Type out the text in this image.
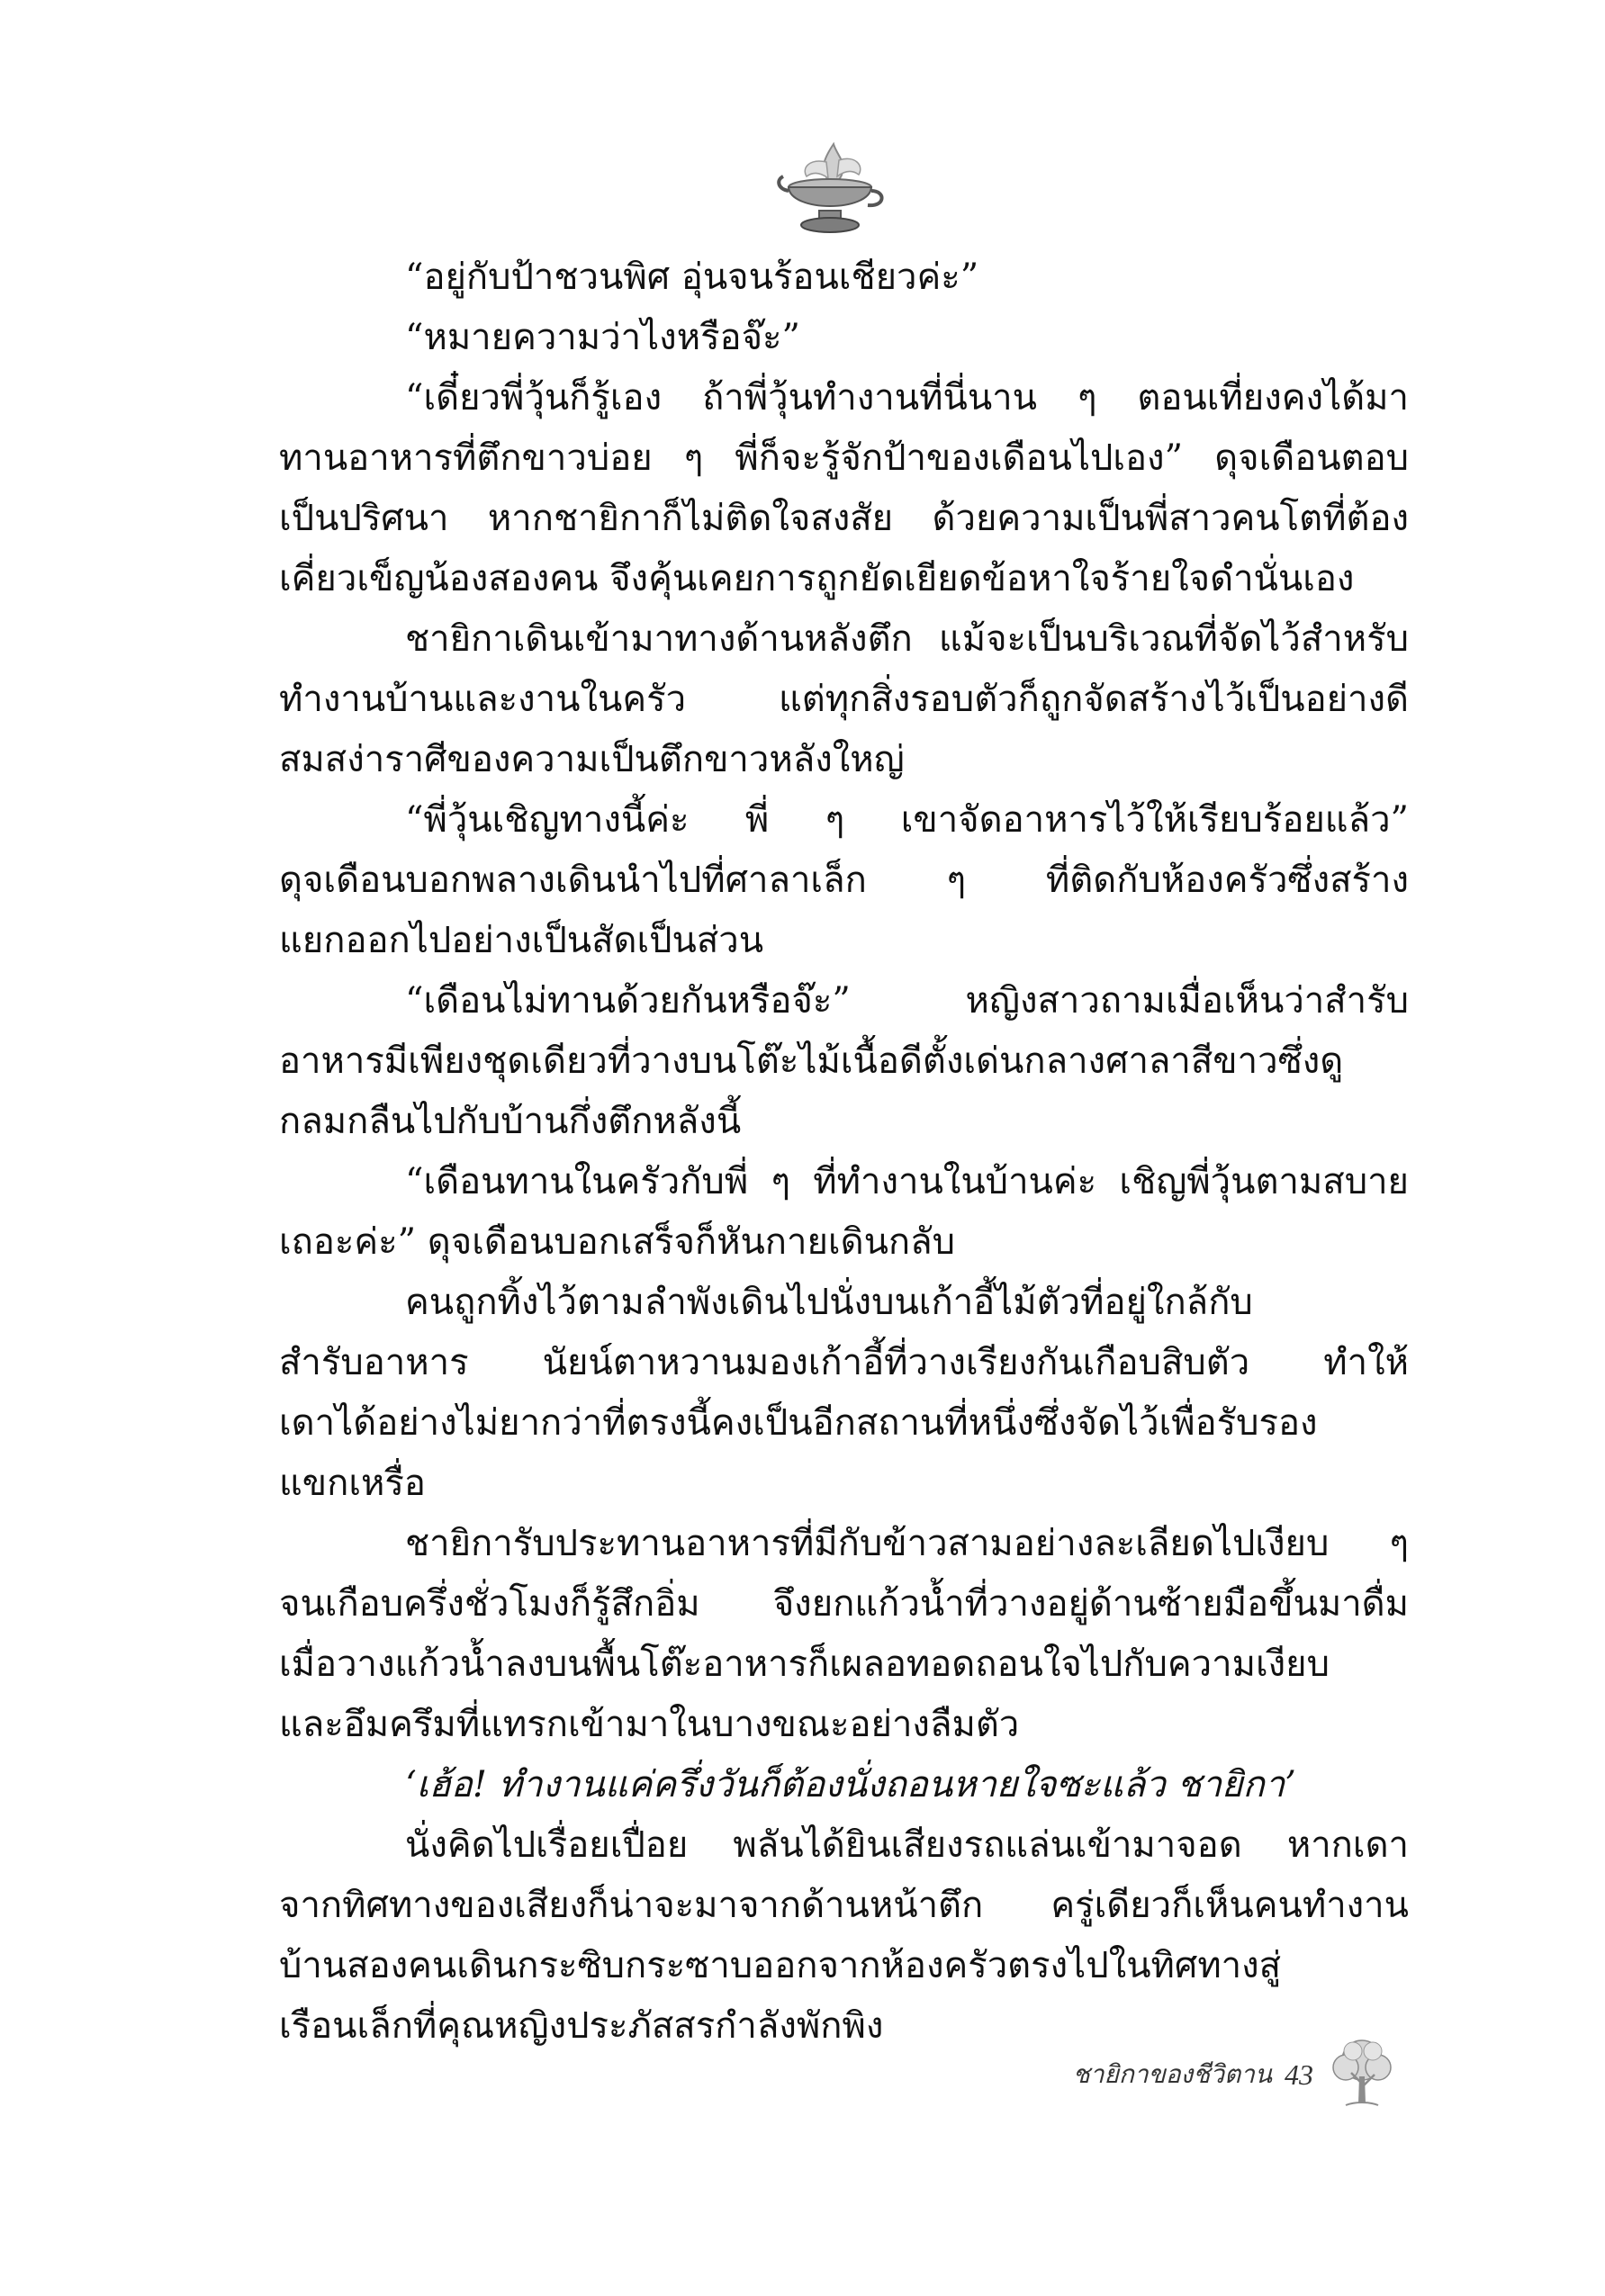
“อยู่กับป้าชวนพิศ อุ่นจนร้อนเชียวค่ะ”
“หมายความว่าไงหรือจ๊ะ”
“เดี๋ยวพี่วุ้นก็รู้เอง ถ้าพี่วุ้นทำงานที่นี่นาน ๆ ตอนเที่ยงคงได้มา
ทานอาหารที่ตึกขาวบ่อย ๆ พี่ก็จะรู้จักป้าของเดือนไปเอง” ดุจเดือนตอบ
เป็นปริศนา หากชายิกาก็ไม่ติดใจสงสัย ด้วยความเป็นพี่สาวคนโตที่ต้อง
เคี่ยวเข็ญน้องสองคน จึงคุ้นเคยการถูกยัดเยียดข้อหาใจร้ายใจดำนั่นเอง
ชายิกาเดินเข้ามาทางด้านหลังตึก แม้จะเป็นบริเวณที่จัดไว้สำหรับ
ทำงานบ้านและงานในครัว แต่ทุกสิ่งรอบตัวก็ถูกจัดสร้างไว้เป็นอย่างดี
สมสง่าราศีของความเป็นตึกขาวหลังใหญ่
“พี่วุ้นเชิญทางนี้ค่ะ พี่ ๆ เขาจัดอาหารไว้ให้เรียบร้อยแล้ว”
ดุจเดือนบอกพลางเดินนำไปที่ศาลาเล็ก ๆ ที่ติดกับห้องครัวซึ่งสร้าง
แยกออกไปอย่างเป็นสัดเป็นส่วน
“เดือนไม่ทานด้วยกันหรือจ๊ะ” หญิงสาวถามเมื่อเห็นว่าสำรับ
อาหารมีเพียงชุดเดียวที่วางบนโต๊ะไม้เนื้อดีตั้งเด่นกลางศาลาสีขาวซึ่งดู
กลมกลืนไปกับบ้านกึ่งตึกหลังนี้
“เดือนทานในครัวกับพี่ ๆ ที่ทำงานในบ้านค่ะ เชิญพี่วุ้นตามสบาย
เถอะค่ะ” ดุจเดือนบอกเสร็จก็หันกายเดินกลับ
คนถูกทิ้งไว้ตามลำพังเดินไปนั่งบนเก้าอี้ไม้ตัวที่อยู่ใกล้กับ
สำรับอาหาร นัยน์ตาหวานมองเก้าอี้ที่วางเรียงกันเกือบสิบตัว ทำให้
เดาได้อย่างไม่ยากว่าที่ตรงนี้คงเป็นอีกสถานที่หนึ่งซึ่งจัดไว้เพื่อรับรอง
แขกเหรื่อ
ชายิการับประทานอาหารที่มีกับข้าวสามอย่างละเลียดไปเงียบ ๆ
จนเกือบครึ่งชั่วโมงก็รู้สึกอิ่ม จึงยกแก้วน้ำที่วางอยู่ด้านซ้ายมือขึ้นมาดื่ม
เมื่อวางแก้วน้ำลงบนพื้นโต๊ะอาหารก็เผลอทอดถอนใจไปกับความเงียบ
และอึมครึมที่แทรกเข้ามาในบางขณะอย่างลืมตัว
‘เฮ้อ! ทำงานแค่ครึ่งวันก็ต้องนั่งถอนหายใจซะแล้ว ชายิกา’
นั่งคิดไปเรื่อยเปื่อย พลันได้ยินเสียงรถแล่นเข้ามาจอด หากเดา
จากทิศทางของเสียงก็น่าจะมาจากด้านหน้าตึก ครู่เดียวก็เห็นคนทำงาน
บ้านสองคนเดินกระซิบกระซาบออกจากห้องครัวตรงไปในทิศทางสู่
เรือนเล็กที่คุณหญิงประภัสสรกำลังพักพิง
ชายิกาของชีวิตาน 43
